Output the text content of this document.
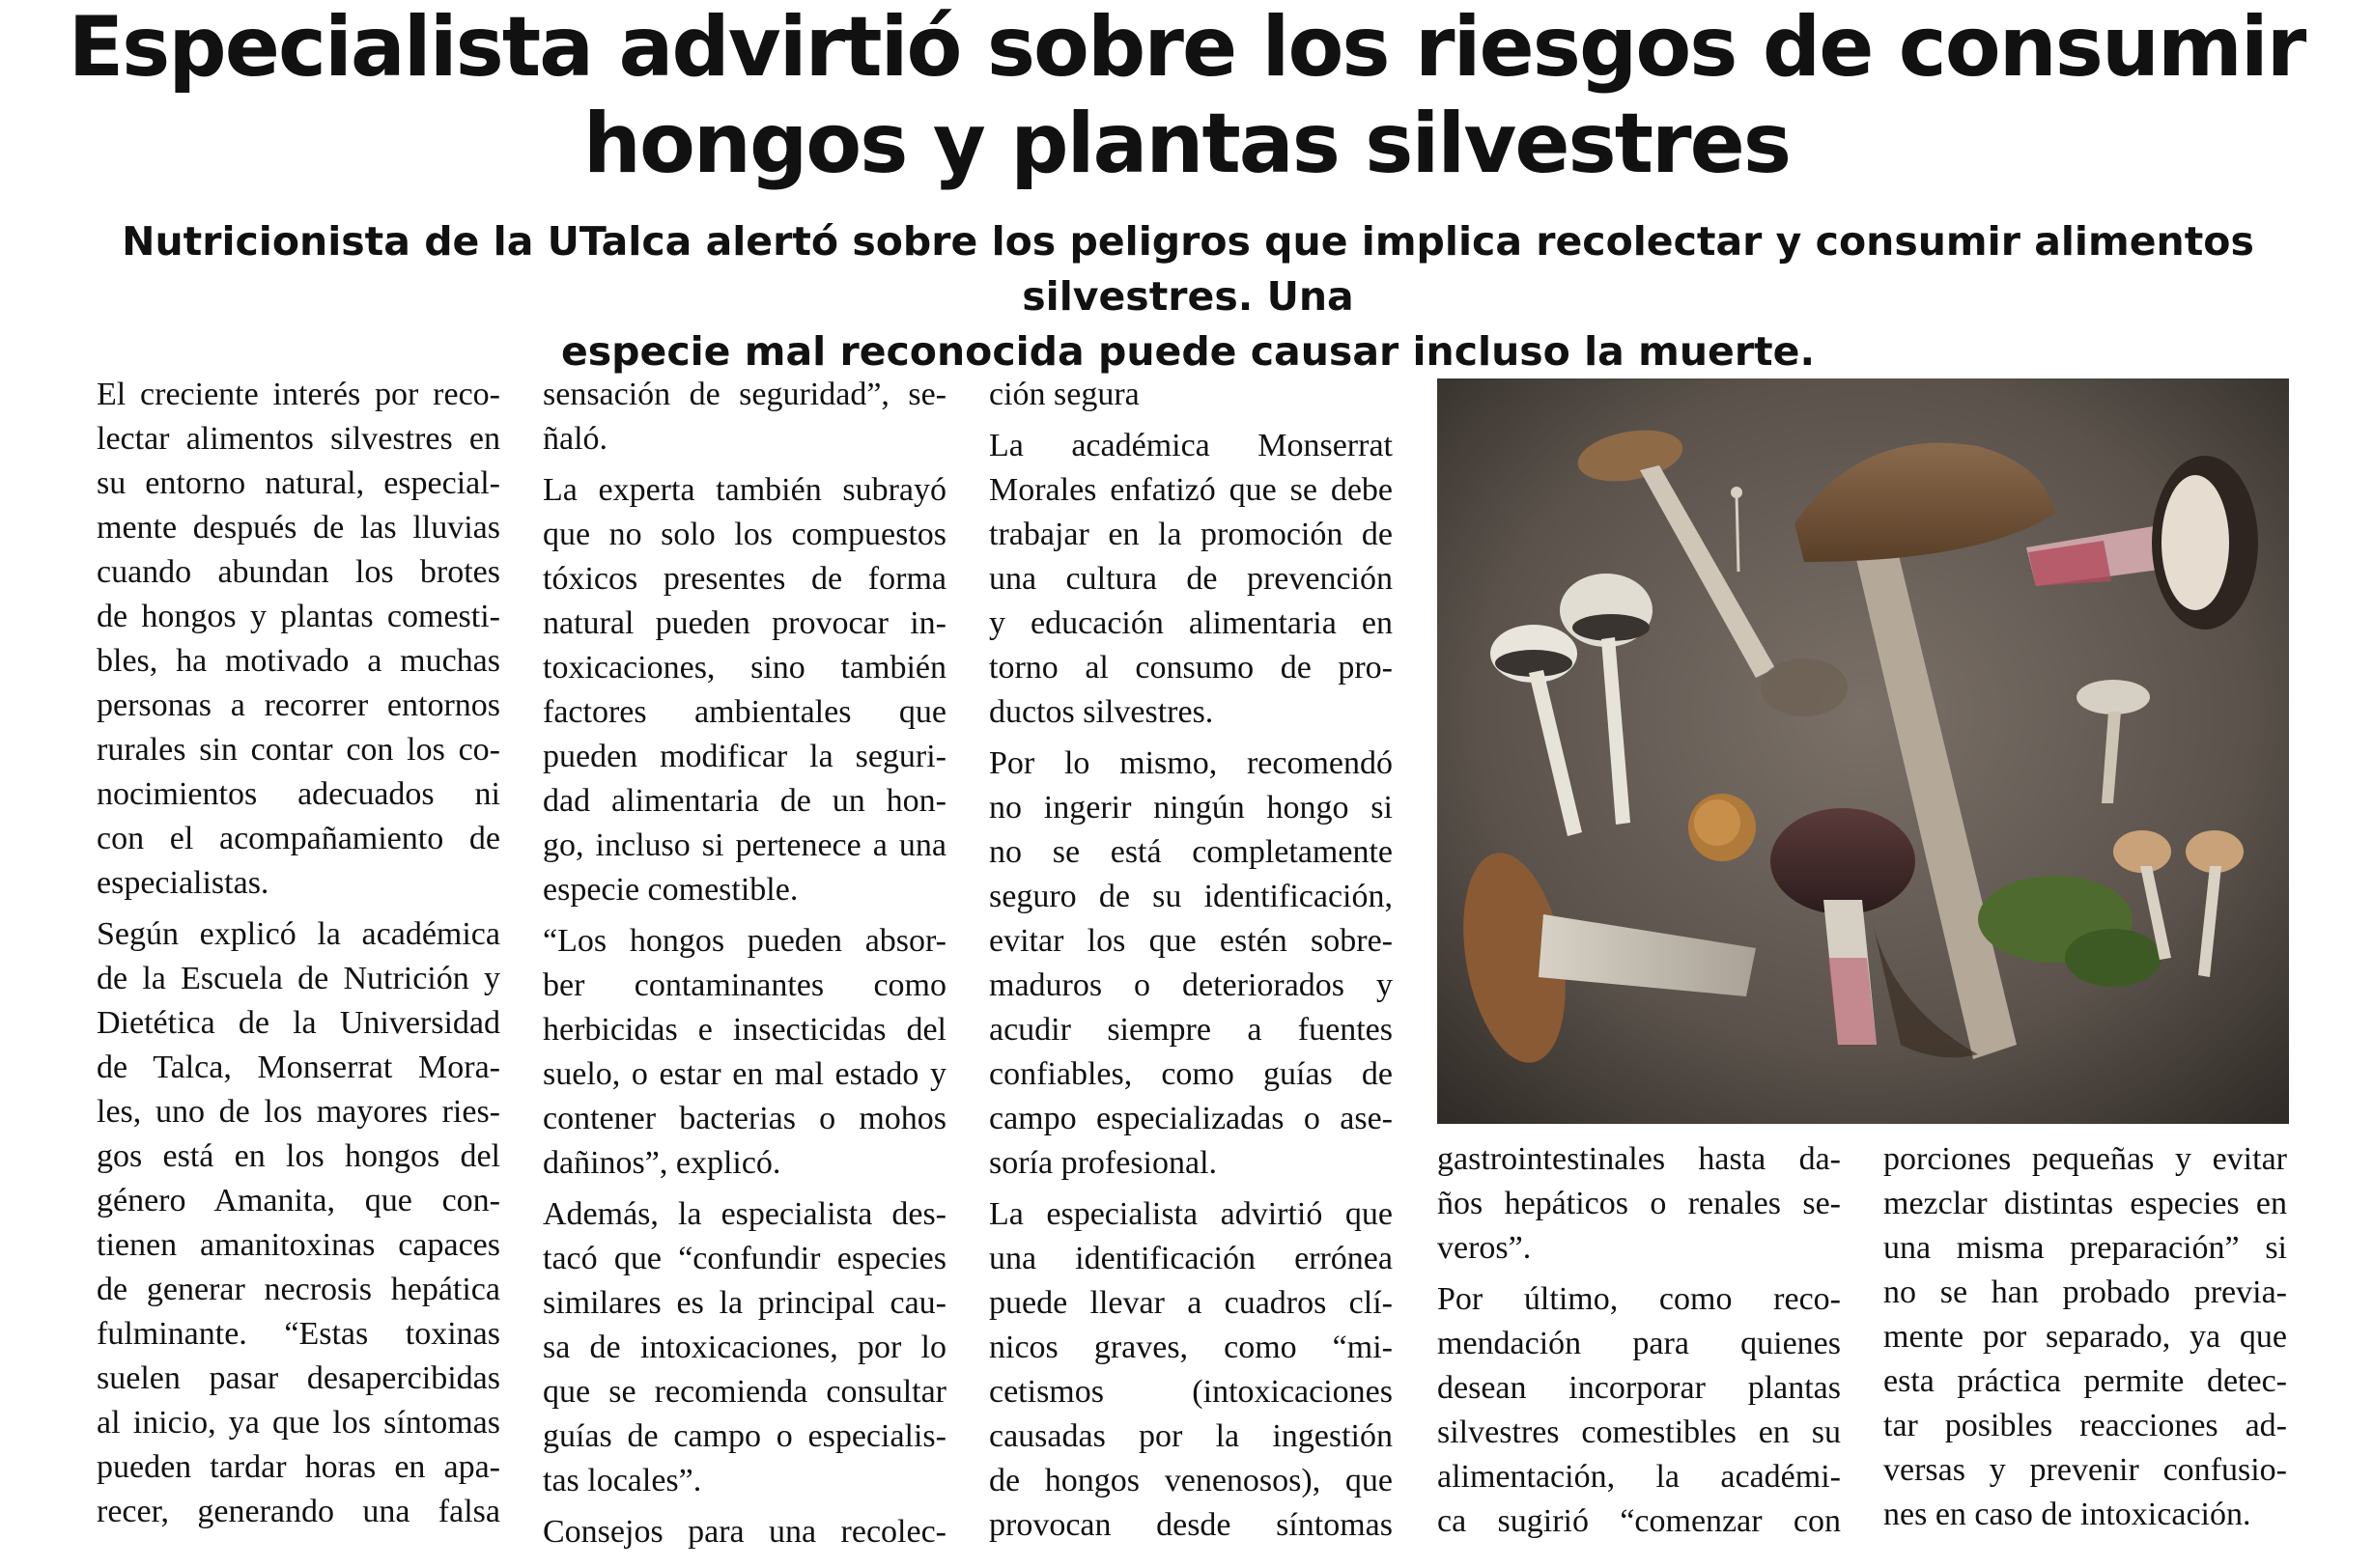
Especialista advirtió sobre los riesgos de consumir
hongos y plantas silvestres
Nutricionista de la UTalca alertó sobre los peligros que implica recolectar y consumir alimentos silvestres. Una
especie mal reconocida puede causar incluso la muerte.

El creciente interés por reco-
lectar alimentos silvestres en
su entorno natural, especial-
mente después de las lluvias
cuando abundan los brotes
de hongos y plantas comesti-
bles, ha motivado a muchas
personas a recorrer entornos
rurales sin contar con los co-
nocimientos adecuados ni
con el acompañamiento de
especialistas.

Según explicó la académica
de la Escuela de Nutrición y
Dietética de la Universidad
de Talca, Monserrat Mora-
les, uno de los mayores ries-
gos está en los hongos del
género Amanita, que con-
tienen amanitoxinas capaces
de generar necrosis hepática
fulminante. “Estas toxinas
suelen pasar desapercibidas
al inicio, ya que los síntomas
pueden tardar horas en apa-
recer, generando una falsa

sensación de seguridad”, se-
ñaló.

La experta también subrayó
que no solo los compuestos
tóxicos presentes de forma
natural pueden provocar in-
toxicaciones, sino también
factores ambientales que
pueden modificar la seguri-
dad alimentaria de un hon-
go, incluso si pertenece a una
especie comestible.

“Los hongos pueden absor-
ber contaminantes como
herbicidas e insecticidas del
suelo, o estar en mal estado y
contener bacterias o mohos
dañinos”, explicó.

Además, la especialista des-
tacó que “confundir especies
similares es la principal cau-
sa de intoxicaciones, por lo
que se recomienda consultar
guías de campo o especialis-
tas locales”.

Consejos para una recolec-

ción segura

La académica Monserrat
Morales enfatizó que se debe
trabajar en la promoción de
una cultura de prevención
y educación alimentaria en
torno al consumo de pro-
ductos silvestres.

Por lo mismo, recomendó
no ingerir ningún hongo si
no se está completamente
seguro de su identificación,
evitar los que estén sobre-
maduros o deteriorados y
acudir siempre a fuentes
confiables, como guías de
campo especializadas o ase-
soría profesional.

La especialista advirtió que
una identificación errónea
puede llevar a cuadros clí-
nicos graves, como “mi-
cetismos (intoxicaciones
causadas por la ingestión
de hongos venenosos), que
provocan desde síntomas

gastrointestinales hasta da-
ños hepáticos o renales se-
veros”.

Por último, como reco-
mendación para quienes
desean incorporar plantas
silvestres comestibles en su
alimentación, la académi-
ca sugirió “comenzar con

porciones pequeñas y evitar
mezclar distintas especies en
una misma preparación” si
no se han probado previa-
mente por separado, ya que
esta práctica permite detec-
tar posibles reacciones ad-
versas y prevenir confusio-
nes en caso de intoxicación.
